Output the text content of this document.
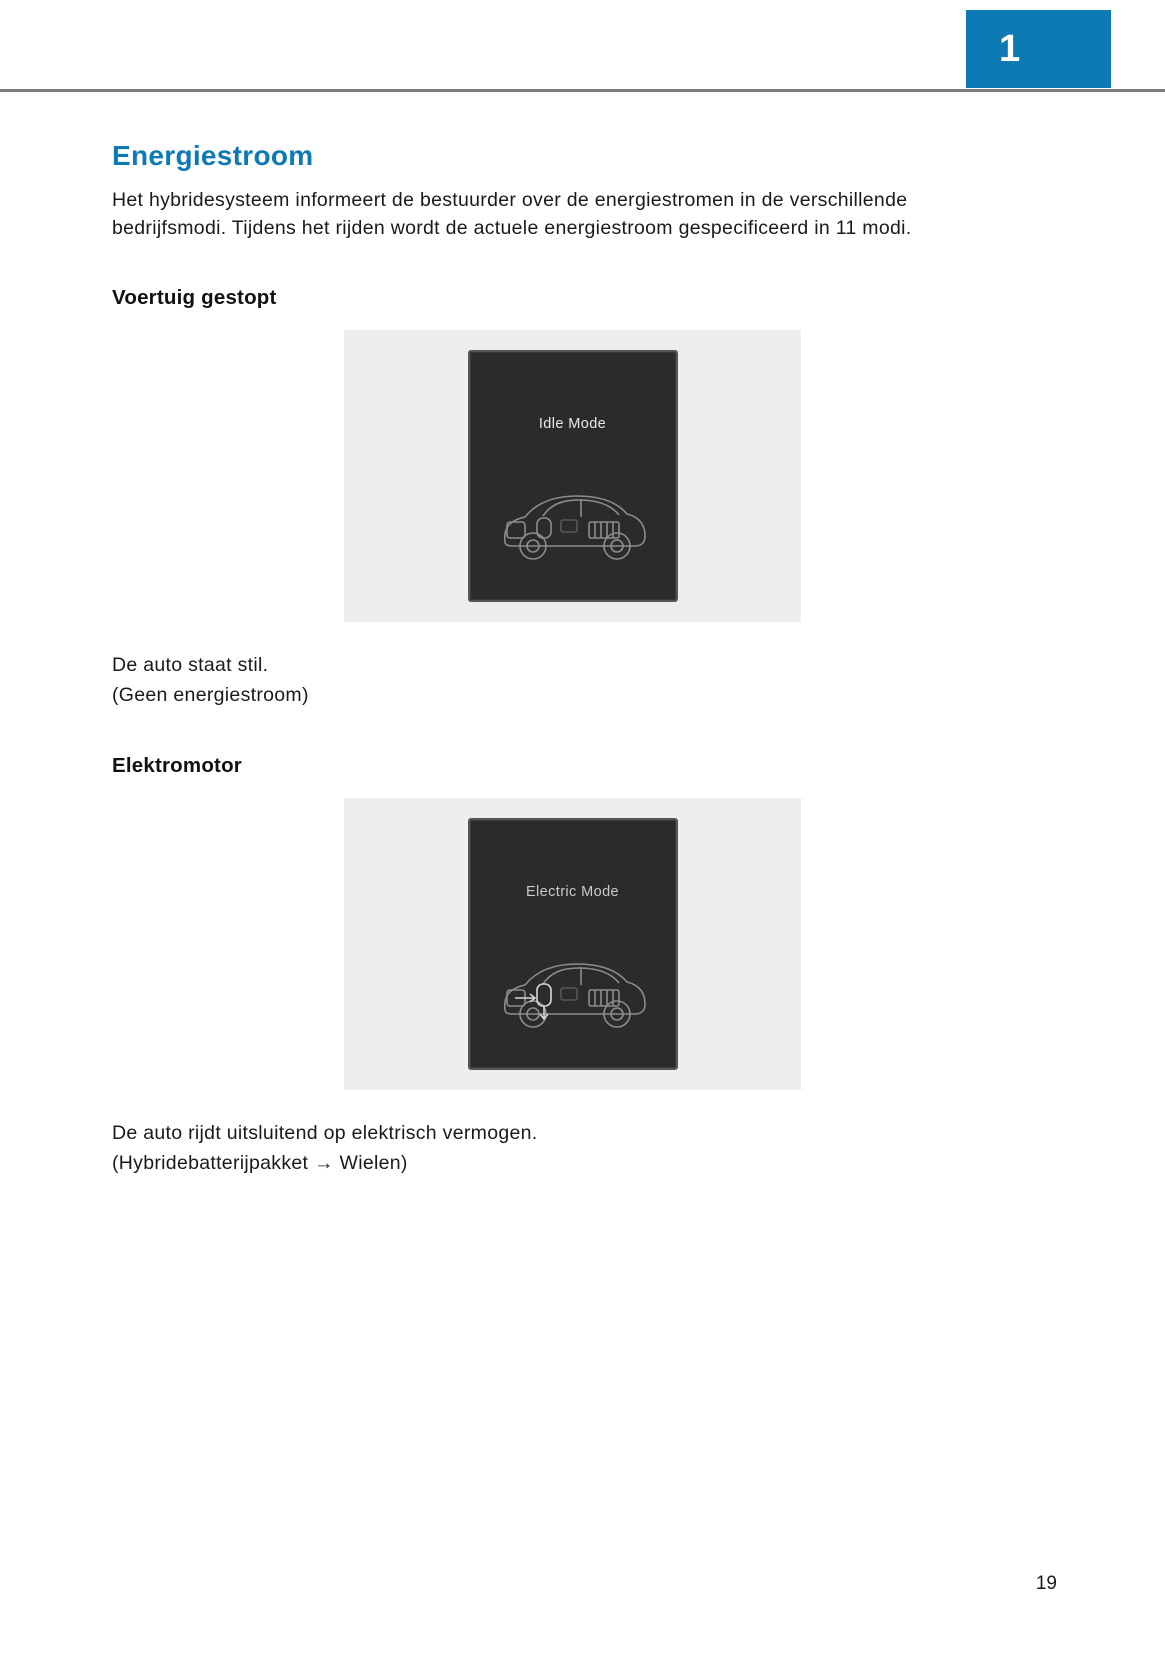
1
Energiestroom

Het hybridesysteem informeert de bestuurder over de energiestromen in de verschillende bedrijfsmodi. Tijdens het rijden wordt de actuele energiestroom gespecificeerd in 11 modi.

Voertuig gestopt
Idle Mode
De auto staat stil.
(Geen energiestroom)
Elektromotor
Electric Mode
De auto rijdt uitsluitend op elektrisch vermogen.
(Hybridebatterijpakket → Wielen)
19
